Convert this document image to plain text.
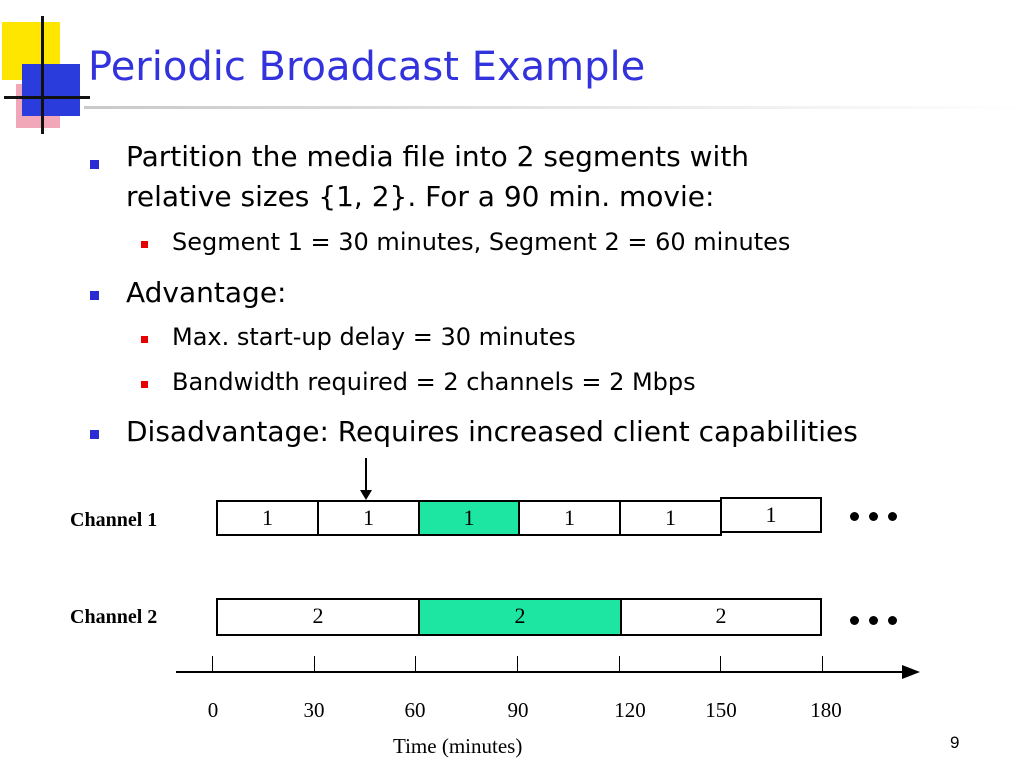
Periodic Broadcast Example
Partition the media file into 2 segments with
relative sizes {1, 2}. For a 90 min. movie:
Segment 1 = 30 minutes, Segment 2 = 60 minutes
Advantage:
Max. start-up delay = 30 minutes
Bandwidth required = 2 channels = 2 Mbps
Disadvantage: Requires increased client capabilities
Channel 1
Channel 2
1	1	1	1	1	1
2	2	2
0	30	60	90	120	150	180
Time (minutes)	9
